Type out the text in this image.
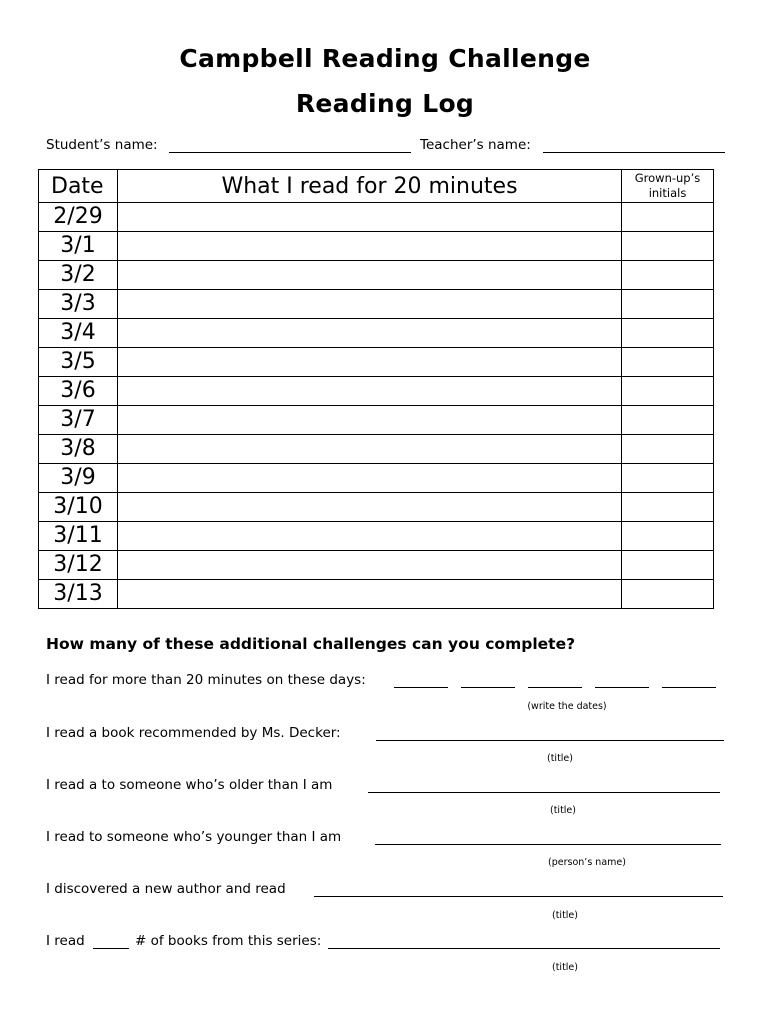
Campbell Reading Challenge
Reading Log
Student’s name:	Teacher’s name:
Date	What I read for 20 minutes	Grown-up’s initials
2/29		
3/1		
3/2		
3/3		
3/4		
3/5		
3/6		
3/7		
3/8		
3/9		
3/10		
3/11		
3/12		
3/13		

How many of these additional challenges can you complete?

I read for more than 20 minutes on these days:
(write the dates)
I read a book recommended by Ms. Decker:
(title)
I read a to someone who’s older than I am
(title)
I read to someone who’s younger than I am
(person’s name)
I discovered a new author and read
(title)
I read	# of books from this series:
(title)
